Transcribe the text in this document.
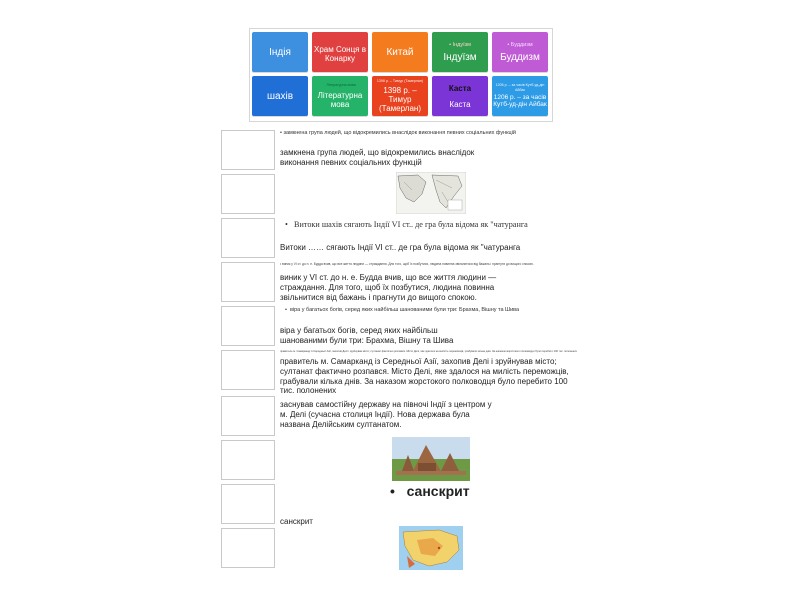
Індія
·
Храм Сонця в Конарку
Китай
• Індуїзм
Індуїзм
• Буддизм
Буддизм
шахів
• Літературна мова
Літературна мова
1398 р. – Тимур (Тамерлан)
1398 р. – Тимур (Тамерлан)
Каста
Каста
1206 р. – за часів Кутб-уд-дін Айбак
1206 р. – за часів Кутб-уд-дін Айбак
• замкнена група людей, що відокремились внаслідок виконання певних соціальних функцій
замкнена група людей, що відокремились внаслідок виконання певних соціальних функцій
•   Витоки шахів сягають Індії VI ст.. де гра була відома як "чатуранга
Витоки …… сягають Індії VI ст.. де гра була відома як "чатуранга
• виник у VI ст. до н. е. Будда вчив, що все життя людини — страждання. Для того, щоб їх позбутися, людина повинна звільнитися від бажань і прагнути до вищого спокою.
виник у VI ст. до н. е. Будда вчив, що все життя людини — страждання. Для того, щоб їх позбутися, людина повинна звільнитися від бажань і прагнути до вищого спокою.
•  віра у багатьох богів, серед яких найбільш шанованими були три: Брахма, Вішну та Шива
віра у багатьох богів, серед яких найбільш шанованими були три: Брахма, Вішну та Шива
правитель м. Самарканд із Середньої Азії, захопив Делі і зруйнував місто; султанат фактично розпався. Місто Делі, яке здалося на милість переможців, грабували кілька днів. За наказом жорстокого полководця було перебито 100 тис. полонених
правитель м. Самарканд із Середньої Азії, захопив Делі і зруйнував місто; султанат фактично розпався. Місто Делі, яке здалося на милість переможців, грабували кілька днів. За наказом жорстокого полководця було перебито 100 тис. полонених
заснував самостійну державу на півночі Індії з центром у м. Делі (сучасна столиця Індії). Нова держава була названа Делійським султанатом.
•   санскрит
санскрит
